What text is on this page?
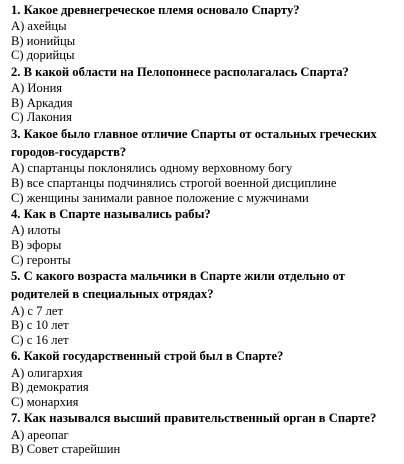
1. Какое древнегреческое племя основало Спарту?

А) ахейцы

В) ионийцы

С) дорийцы

2. В какой области на Пелопоннесе располагалась Спарта?

А) Иония

В) Аркадия

С) Лакония

3. Какое было главное отличие Спарты от остальных греческих городов-государств?

А) спартанцы поклонялись одному верховному богу

В) все спартанцы подчинялись строгой военной дисциплине

С) женщины занимали равное положение с мужчинами

4. Как в Спарте назывались рабы?

А) илоты

В) эфоры

С) геронты

5. С какого возраста мальчики в Спарте жили отдельно от родителей в специальных отрядах?

А) с 7 лет

В) с 10 лет

С) с 16 лет

6. Какой государственный строй был в Спарте?

А) олигархия

В) демократия

С) монархия

7. Как назывался высший правительственный орган в Спарте?

А) ареопаг

В) Совет старейшин
